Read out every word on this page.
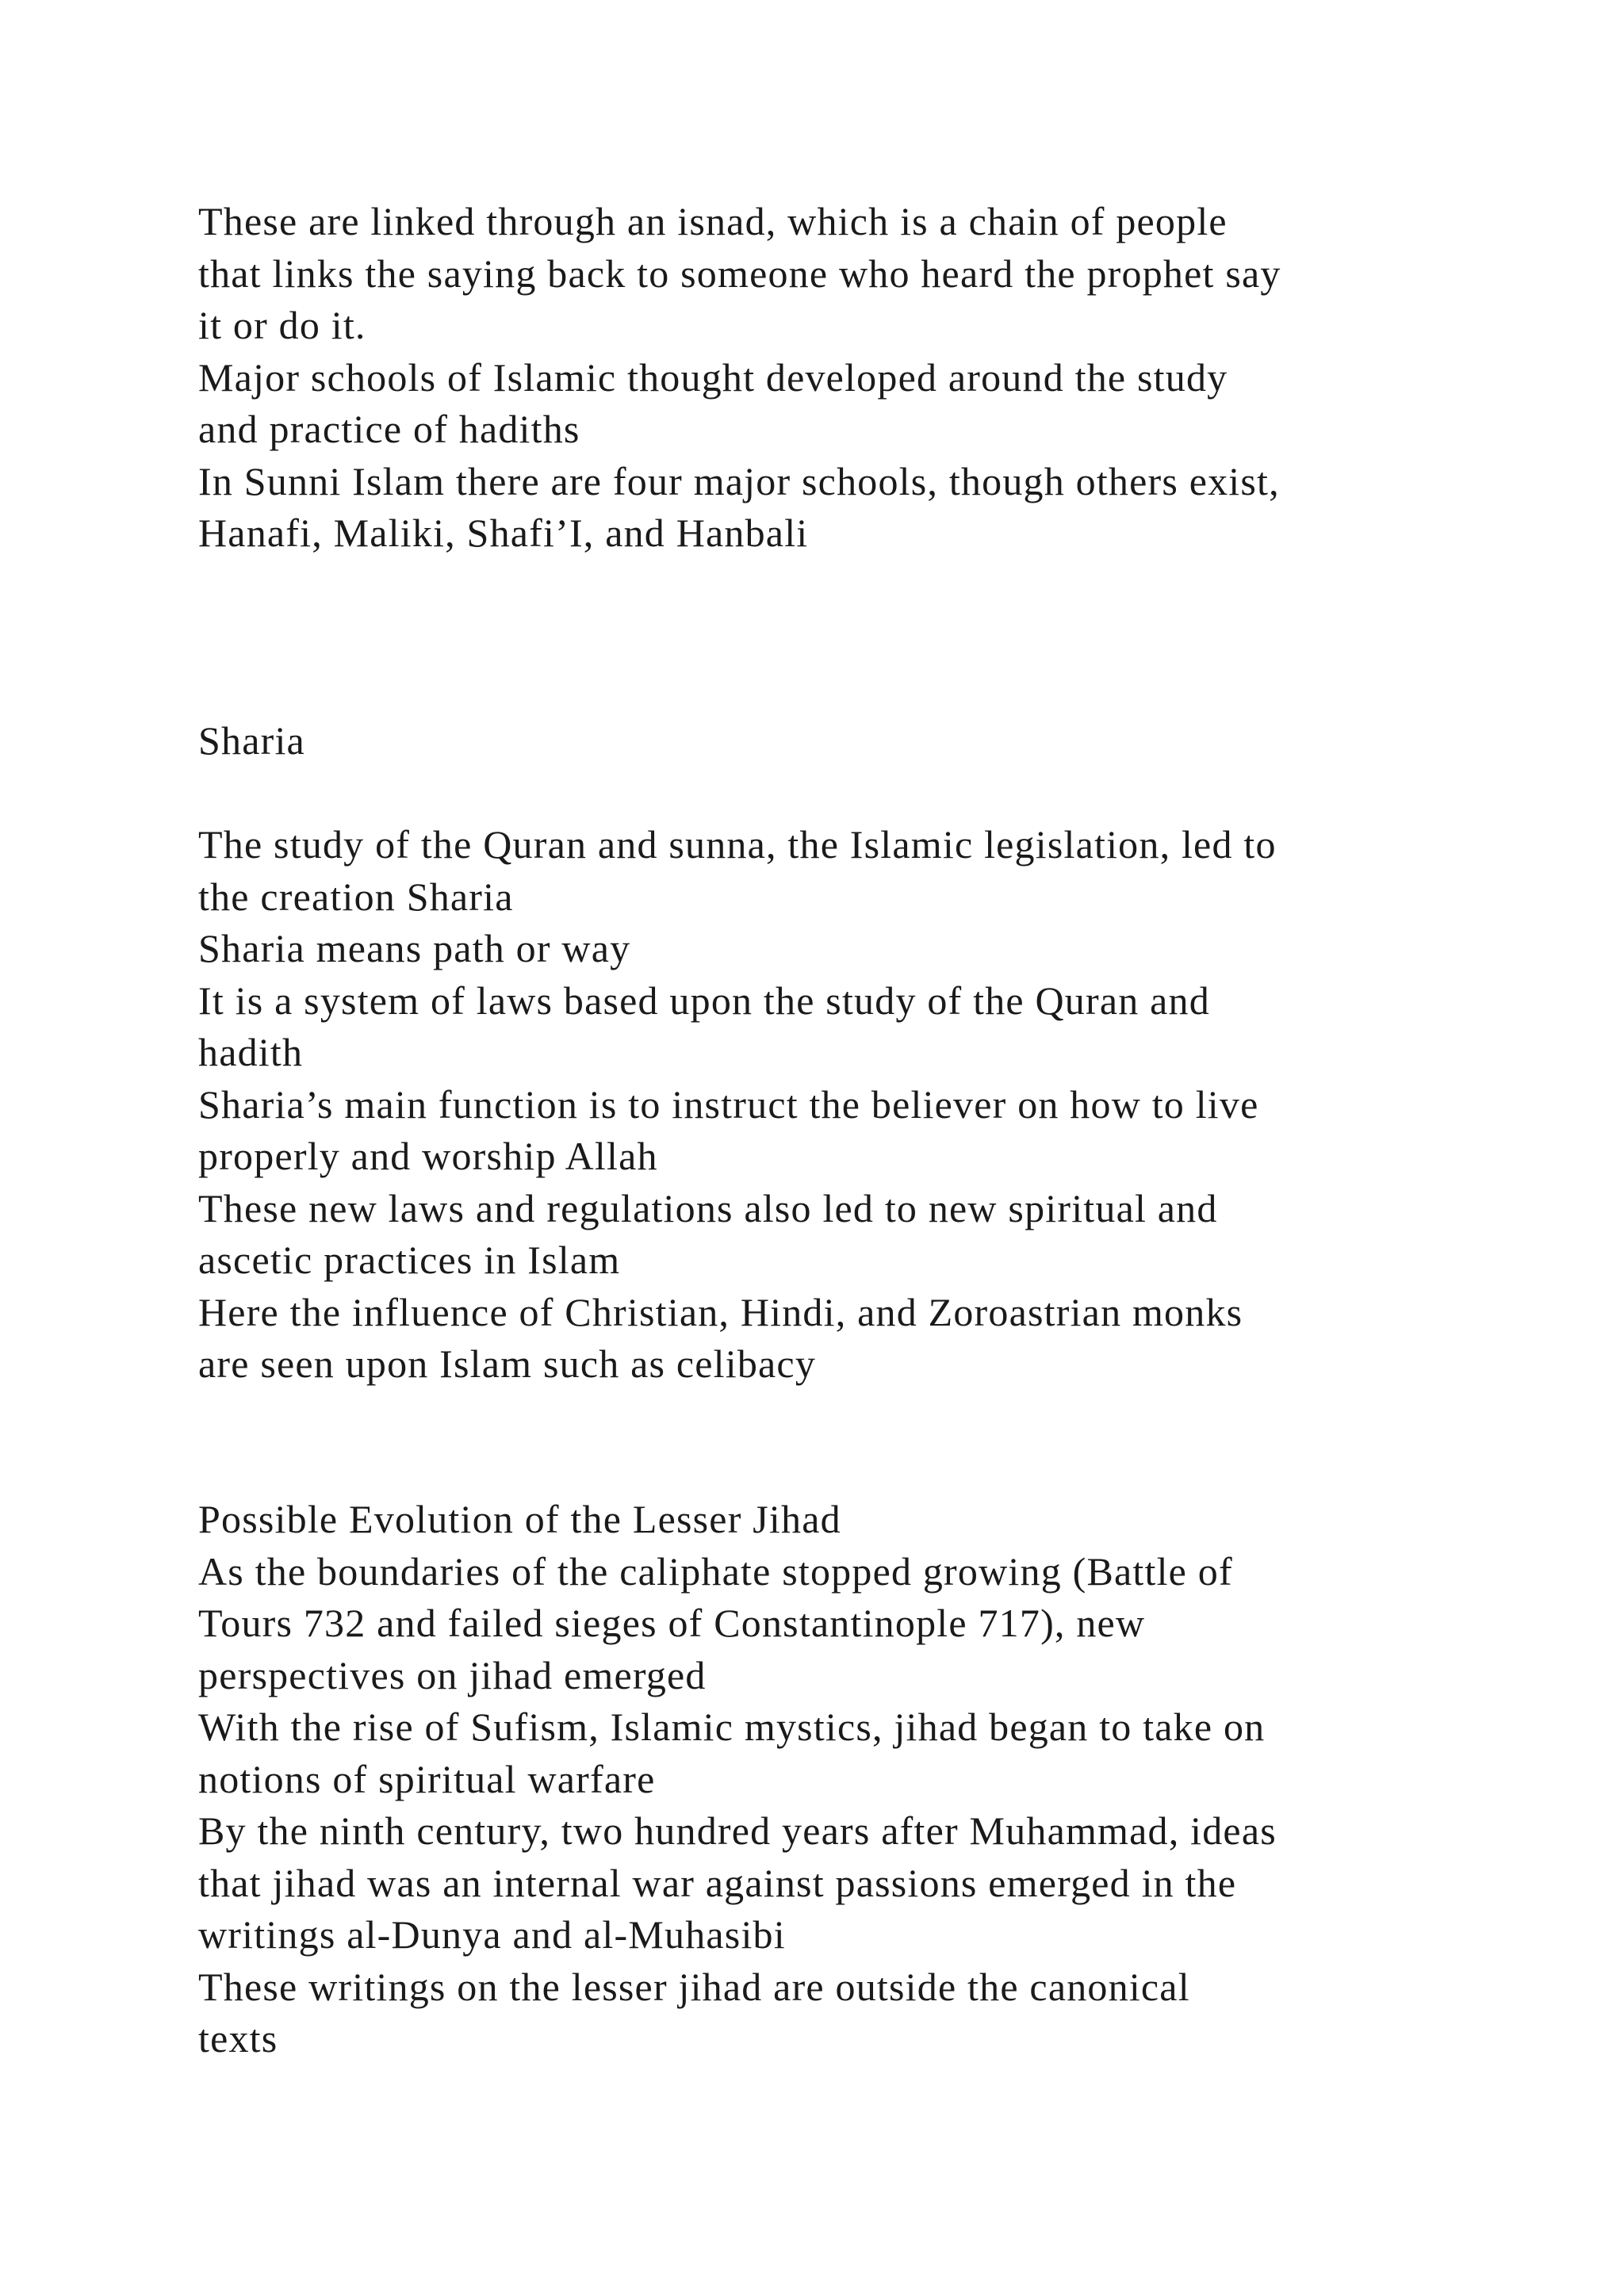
These are linked through an isnad, which is a chain of people
that links the saying back to someone who heard the prophet say
it or do it.
Major schools of Islamic thought developed around the study
and practice of hadiths
In Sunni Islam there are four major schools, though others exist,
Hanafi, Maliki, Shafi’I, and Hanbali
Sharia
The study of the Quran and sunna, the Islamic legislation, led to
the creation Sharia
Sharia means path or way
It is a system of laws based upon the study of the Quran and
hadith
Sharia’s main function is to instruct the believer on how to live
properly and worship Allah
These new laws and regulations also led to new spiritual and
ascetic practices in Islam
Here the influence of Christian, Hindi, and Zoroastrian monks
are seen upon Islam such as celibacy
Possible Evolution of the Lesser Jihad
As the boundaries of the caliphate stopped growing (Battle of
Tours 732 and failed sieges of Constantinople 717), new
perspectives on jihad emerged
With the rise of Sufism, Islamic mystics, jihad began to take on
notions of spiritual warfare
By the ninth century, two hundred years after Muhammad, ideas
that jihad was an internal war against passions emerged in the
writings al-Dunya and al-Muhasibi
These writings on the lesser jihad are outside the canonical
texts
